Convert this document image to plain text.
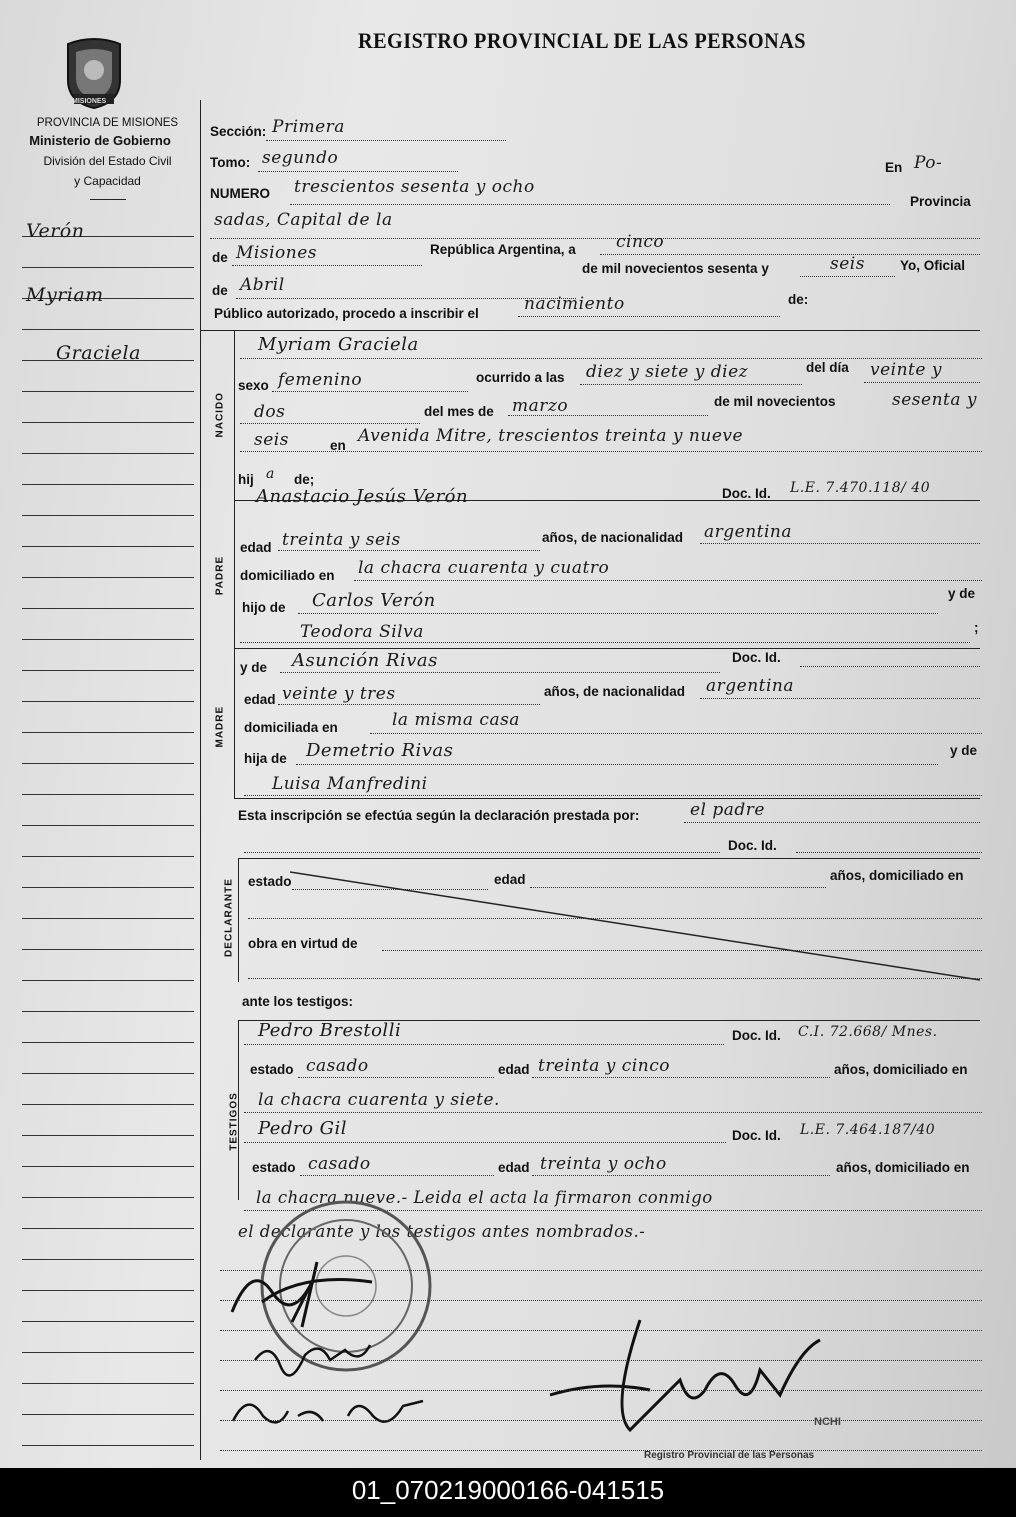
MISIONES
REGISTRO PROVINCIAL DE LAS PERSONAS
PROVINCIA DE MISIONES
Ministerio de Gobierno
División del Estado Civil
y Capacidad
Verón
Myriam
Graciela
Sección: Primera
Tomo: segundo	En Po-
NUMERO trescientos sesenta y ocho
Provincia
sadas, Capital de la
de Misiones	República Argentina, a cinco
de Abril
de mil novecientos sesenta y	seis	Yo, Oficial
Público autorizado, procedo a inscribir el	nacimiento	de:
NACIDO
Myriam Graciela
sexo femenino	ocurrido a las diez y siete y diez	del día veinte y
dos	del mes de marzo	de mil novecientos	sesenta y
seis	en Avenida Mitre, trescientos treinta y nueve
hij a de;
PADRE
Anastacio Jesús Verón	Doc. Id. L.E. 7.470.118/ 40
edad treinta y seis	años, de nacionalidad argentina
domiciliado en la chacra cuarenta y cuatro
hijo de Carlos Verón	y de
Teodora Silva	;
MADRE
y de Asunción Rivas	Doc. Id.
edad veinte y tres	años, de nacionalidad argentina
domiciliada en	la misma casa
hija de Demetrio Rivas	y de
Luisa Manfredini
Esta inscripción se efectúa según la declaración prestada por:	el padre
DECLARANTE
Doc. Id.
estado	edad	años, domiciliado en
obra en virtud de
ante los testigos:
TESTIGOS
Pedro Brestolli	Doc. Id. C.I. 72.668/ Mnes.
estado casado	edad treinta y cinco	años, domiciliado en
la chacra cuarenta y siete.
Pedro Gil	Doc. Id. L.E. 7.464.187/40
estado casado	edad treinta y ocho	años, domiciliado en
la chacra nueve.- Leida el acta la firmaron conmigo
el declarante y los testigos antes nombrados.-
NCHI
Registro Provincial de las Personas
01_070219000166-041515
